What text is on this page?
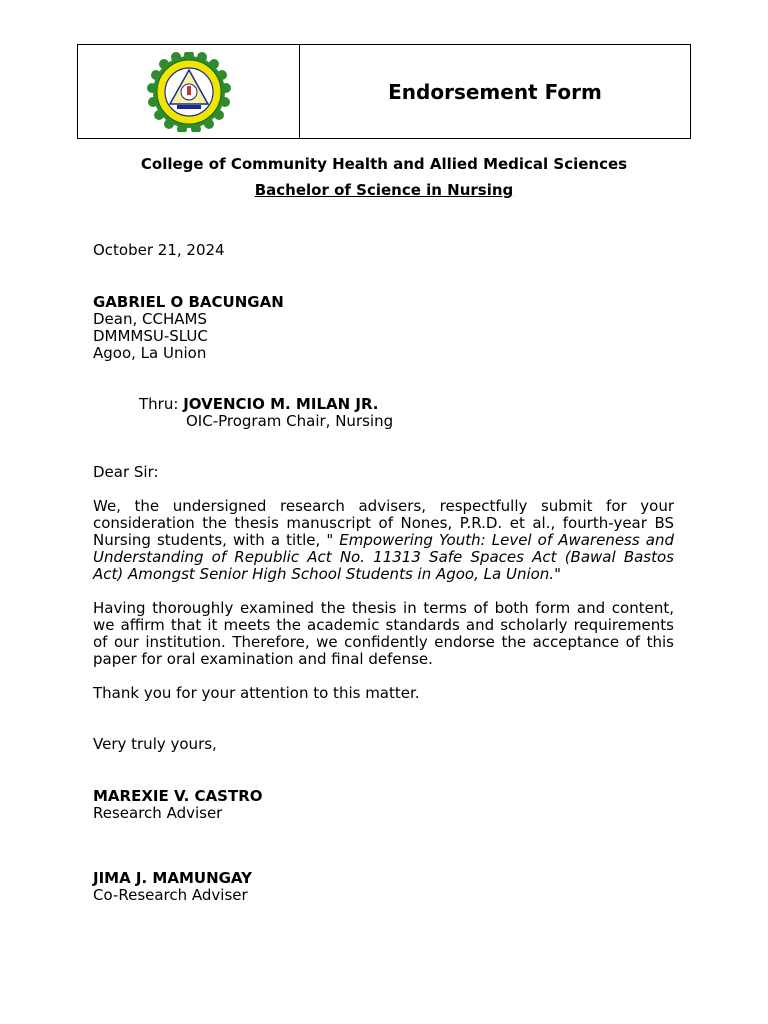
Endorsement Form
College of Community Health and Allied Medical Sciences
Bachelor of Science in Nursing
October 21, 2024
GABRIEL O BACUNGAN
Dean, CCHAMS
DMMMSU-SLUC
Agoo, La Union
Thru:
JOVENCIO M. MILAN JR.
OIC-Program Chair, Nursing
Dear Sir:
We, the undersigned research advisers, respectfully submit for your consideration the thesis manuscript of Nones, P.R.D. et al., fourth-year BS Nursing students, with a title, " Empowering Youth: Level of Awareness and Understanding of Republic Act No. 11313 Safe Spaces Act (Bawal Bastos Act) Amongst Senior High School Students in Agoo, La Union."
Having thoroughly examined the thesis in terms of both form and content, we affirm that it meets the academic standards and scholarly requirements of our institution. Therefore, we confidently endorse the acceptance of this paper for oral examination and final defense.
Thank you for your attention to this matter.
Very truly yours,
MAREXIE V. CASTRO
Research Adviser
JIMA J. MAMUNGAY
Co-Research Adviser
